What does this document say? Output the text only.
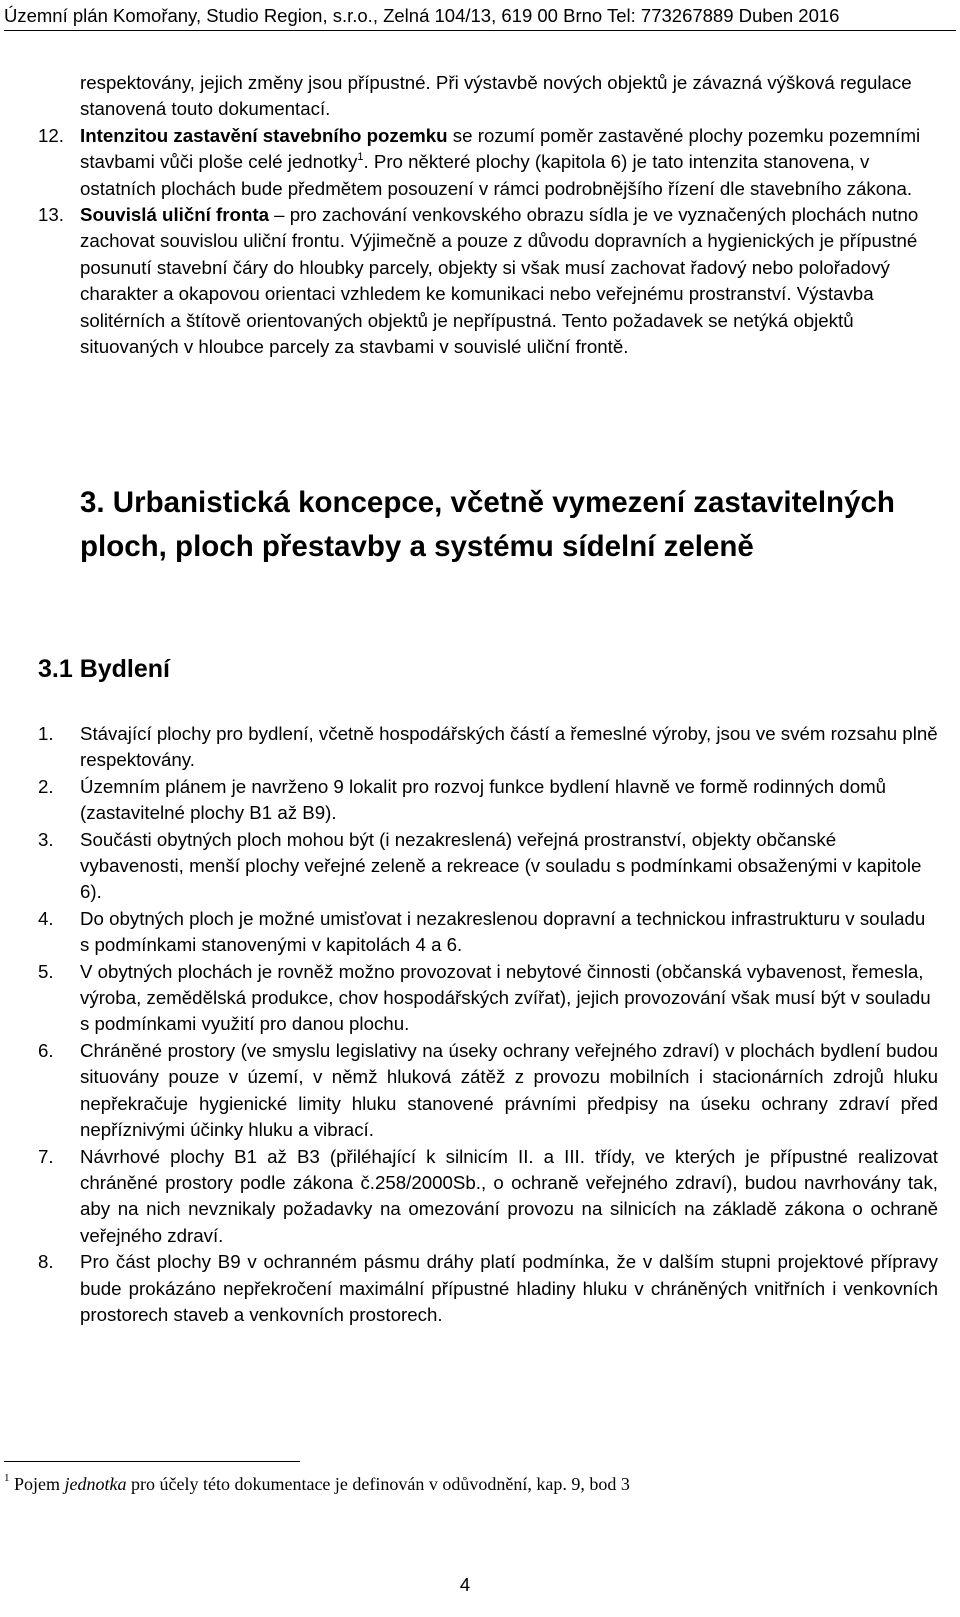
Územní plán Komořany, Studio Region, s.r.o., Zelná 104/13, 619 00 Brno Tel: 773267889 Duben 2016
respektovány, jejich změny jsou přípustné. Při výstavbě nových objektů je závazná výšková regulace stanovená touto dokumentací.
12. Intenzitou zastavění stavebního pozemku se rozumí poměr zastavěné plochy pozemku pozemními stavbami vůči ploše celé jednotky$^1$. Pro některé plochy (kapitola 6) je tato intenzita stanovena, v ostatních plochách bude předmětem posouzení v rámci podrobnějšího řízení dle stavebního zákona.
13. Souvislá uliční fronta – pro zachování venkovského obrazu sídla je ve vyznačených plochách nutno zachovat souvislou uliční frontu. Výjimečně a pouze z důvodu dopravních a hygienických je přípustné posunutí stavební čáry do hloubky parcely, objekty si však musí zachovat řadový nebo polořadový charakter a okapovou orientaci vzhledem ke komunikaci nebo veřejnému prostranství. Výstavba solitérních a štítově orientovaných objektů je nepřípustná. Tento požadavek se netýká objektů situovaných v hloubce parcely za stavbami v souvislé uliční frontě.
3. Urbanistická koncepce, včetně vymezení zastavitelných ploch, ploch přestavby a systému sídelní zeleně
3.1 Bydlení
1. Stávající plochy pro bydlení, včetně hospodářských částí a řemeslné výroby, jsou ve svém rozsahu plně respektovány.
2. Územním plánem je navrženo 9 lokalit pro rozvoj funkce bydlení hlavně ve formě rodinných domů (zastavitelné plochy B1 až B9).
3. Součásti obytných ploch mohou být (i nezakreslená) veřejná prostranství, objekty občanské vybavenosti, menší plochy veřejné zeleně a rekreace (v souladu s podmínkami obsaženými v kapitole 6).
4. Do obytných ploch je možné umisťovat i nezakreslenou dopravní a technickou infrastrukturu v souladu s podmínkami stanovenými v kapitolách 4 a 6.
5. V obytných plochách je rovněž možno provozovat i nebytové činnosti (občanská vybavenost, řemesla, výroba, zemědělská produkce, chov hospodářských zvířat), jejich provozování však musí být v souladu s podmínkami využití pro danou plochu.
6. Chráněné prostory (ve smyslu legislativy na úseky ochrany veřejného zdraví) v plochách bydlení budou situovány pouze v území, v němž hluková zátěž z provozu mobilních i stacionárních zdrojů hluku nepřekračuje hygienické limity hluku stanovené právními předpisy na úseku ochrany zdraví před nepříznivými účinky hluku a vibrací.
7. Návrhové plochy B1 až B3 (přiléhající k silnicím II. a III. třídy, ve kterých je přípustné realizovat chráněné prostory podle zákona č.258/2000Sb., o ochraně veřejného zdraví), budou navrhovány tak, aby na nich nevznikaly požadavky na omezování provozu na silnicích na základě zákona o ochraně veřejného zdraví.
8. Pro část plochy B9 v ochranném pásmu dráhy platí podmínka, že v dalším stupni projektové přípravy bude prokázáno nepřekročení maximální přípustné hladiny hluku v chráněných vnitřních i venkovních prostorech staveb a venkovních prostorech.
$^1$ Pojem jednotka pro účely této dokumentace je definován v odůvodnění, kap. 9, bod 3
4
